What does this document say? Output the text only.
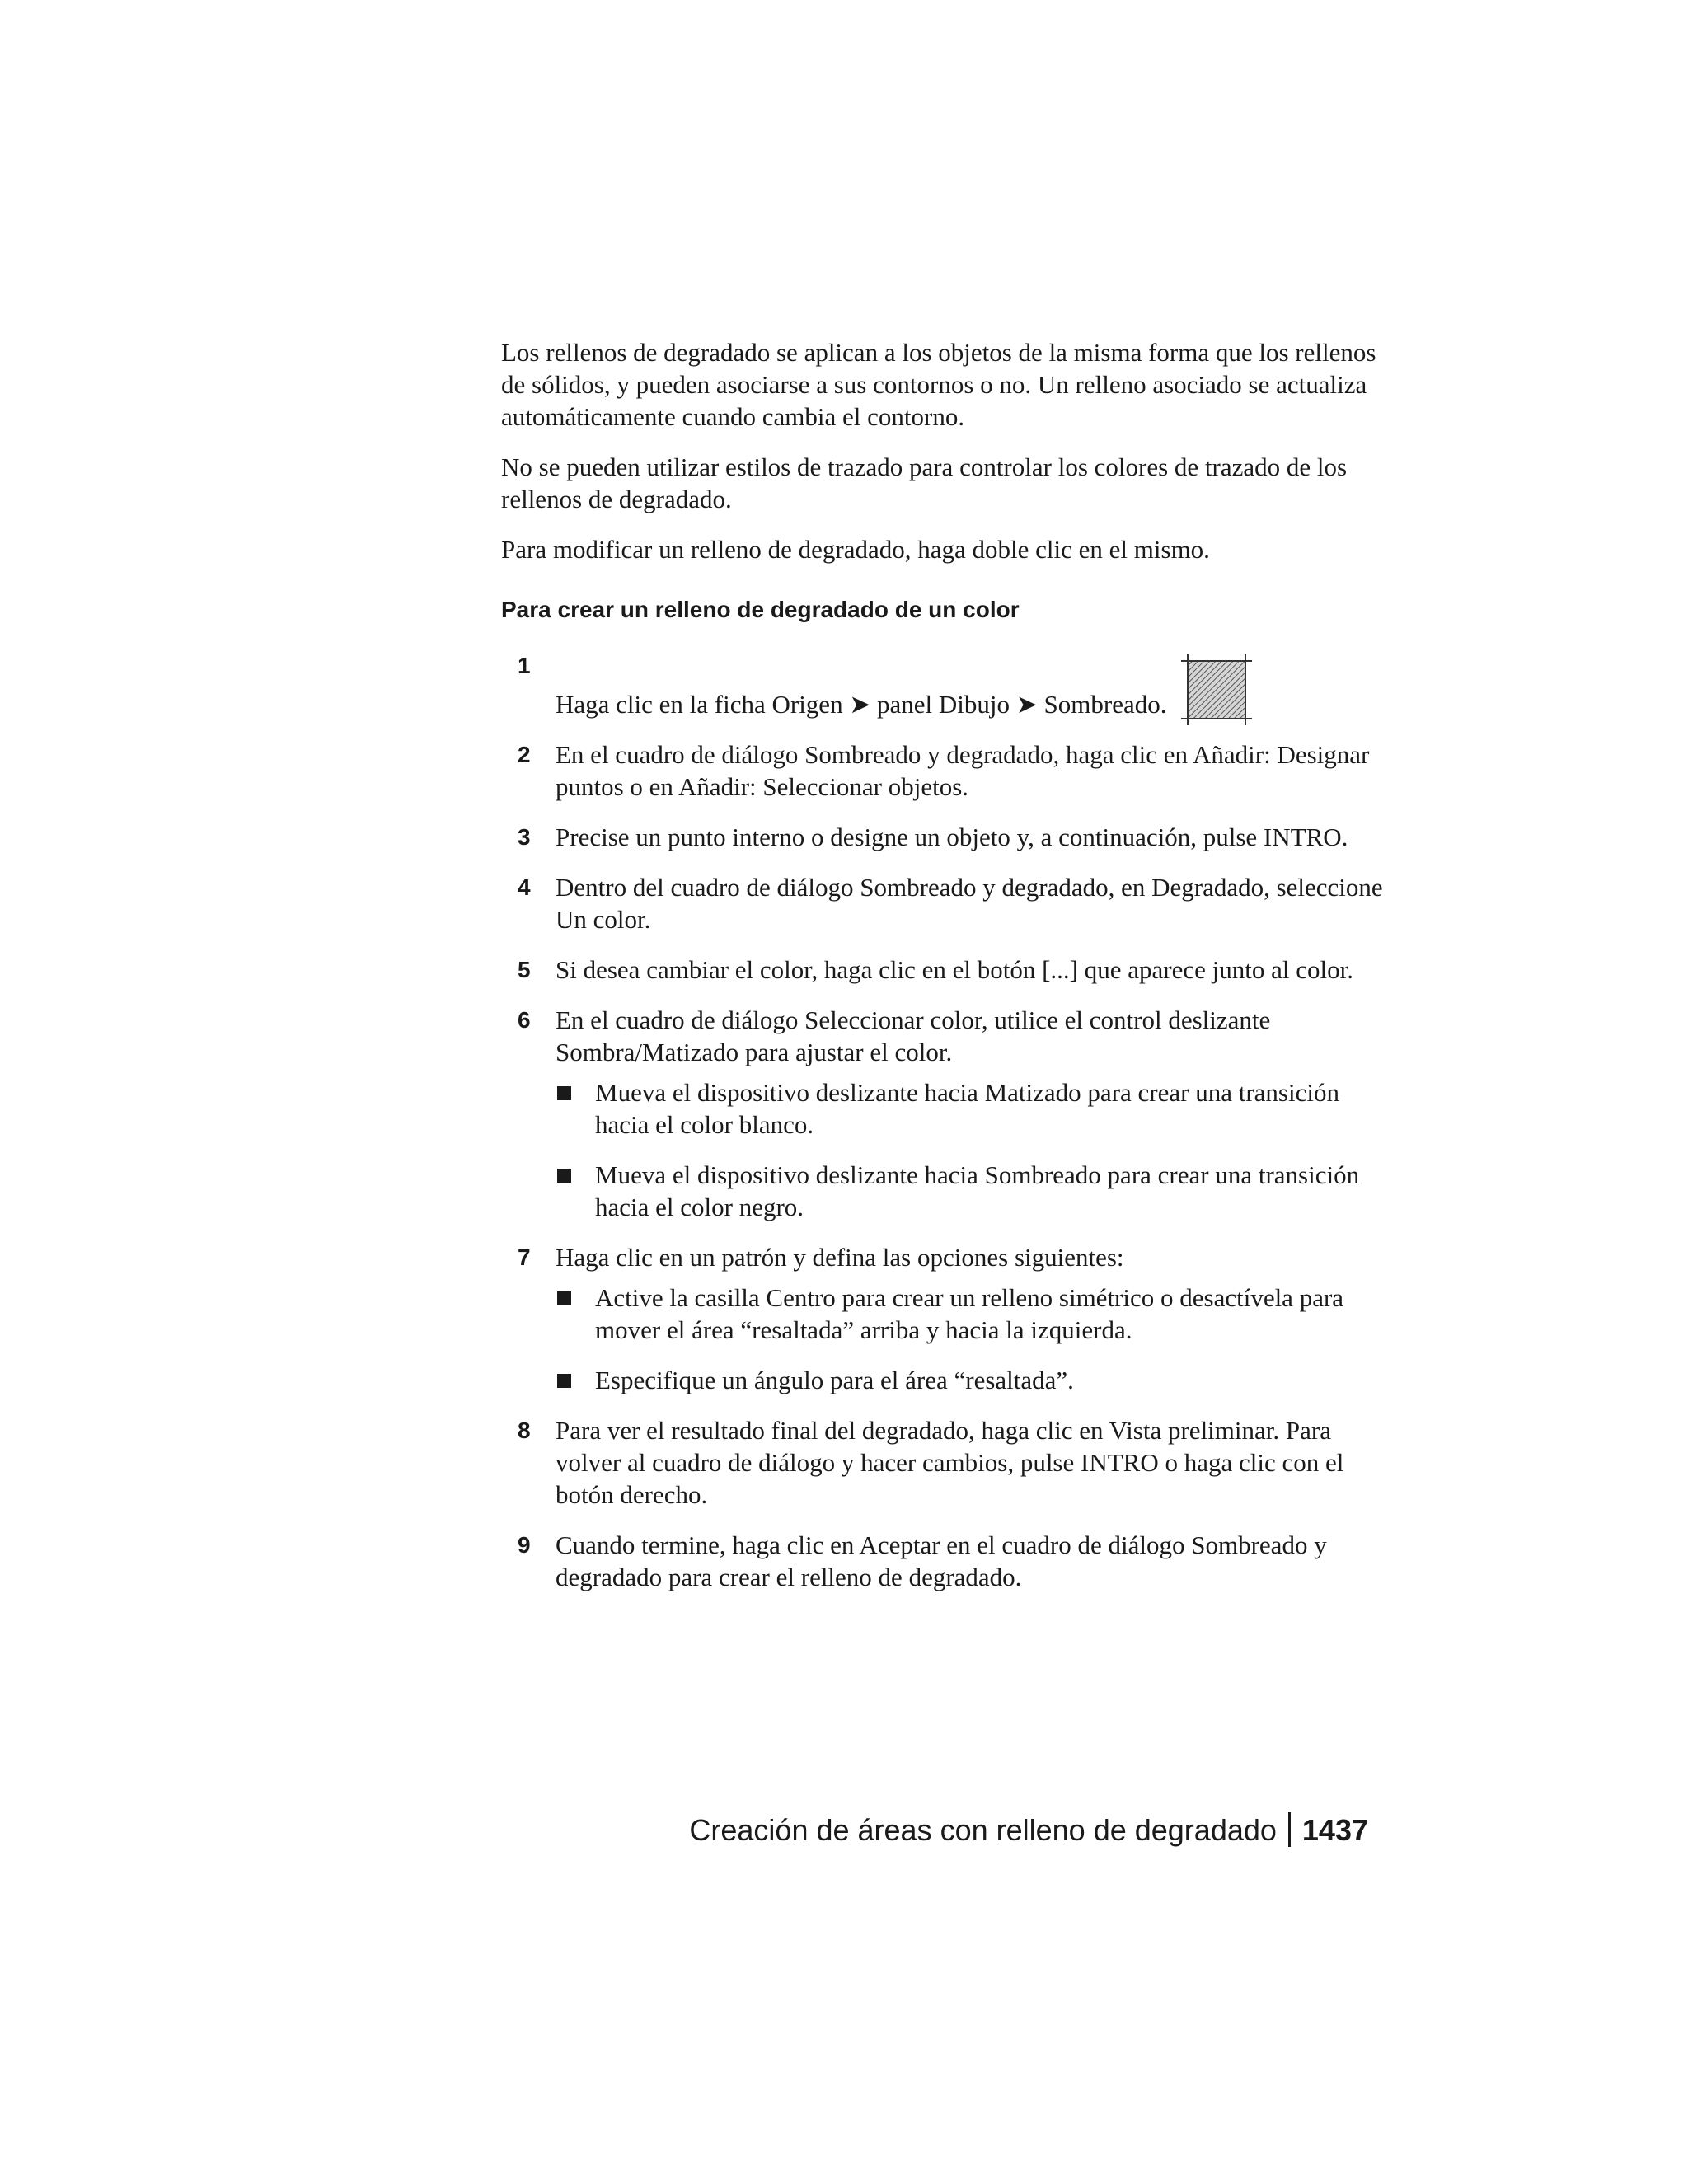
Los rellenos de degradado se aplican a los objetos de la misma forma que los rellenos de sólidos, y pueden asociarse a sus contornos o no. Un relleno asociado se actualiza automáticamente cuando cambia el contorno.

No se pueden utilizar estilos de trazado para controlar los colores de trazado de los rellenos de degradado.

Para modificar un relleno de degradado, haga doble clic en el mismo.

Para crear un relleno de degradado de un color
1
Haga clic en la ficha Origen ➤ panel Dibujo ➤ Sombreado.
2 En el cuadro de diálogo Sombreado y degradado, haga clic en Añadir: Designar puntos o en Añadir: Seleccionar objetos.
3 Precise un punto interno o designe un objeto y, a continuación, pulse INTRO.
4 Dentro del cuadro de diálogo Sombreado y degradado, en Degradado, seleccione Un color.
5 Si desea cambiar el color, haga clic en el botón [...] que aparece junto al color.
6 En el cuadro de diálogo Seleccionar color, utilice el control deslizante Sombra/Matizado para ajustar el color.
Mueva el dispositivo deslizante hacia Matizado para crear una transición hacia el color blanco.
Mueva el dispositivo deslizante hacia Sombreado para crear una transición hacia el color negro.
7 Haga clic en un patrón y defina las opciones siguientes:
Active la casilla Centro para crear un relleno simétrico o desactívela para mover el área “resaltada” arriba y hacia la izquierda.
Especifique un ángulo para el área “resaltada”.
8 Para ver el resultado final del degradado, haga clic en Vista preliminar. Para volver al cuadro de diálogo y hacer cambios, pulse INTRO o haga clic con el botón derecho.
9 Cuando termine, haga clic en Aceptar en el cuadro de diálogo Sombreado y degradado para crear el relleno de degradado.
Creación de áreas con relleno de degradado 1437
